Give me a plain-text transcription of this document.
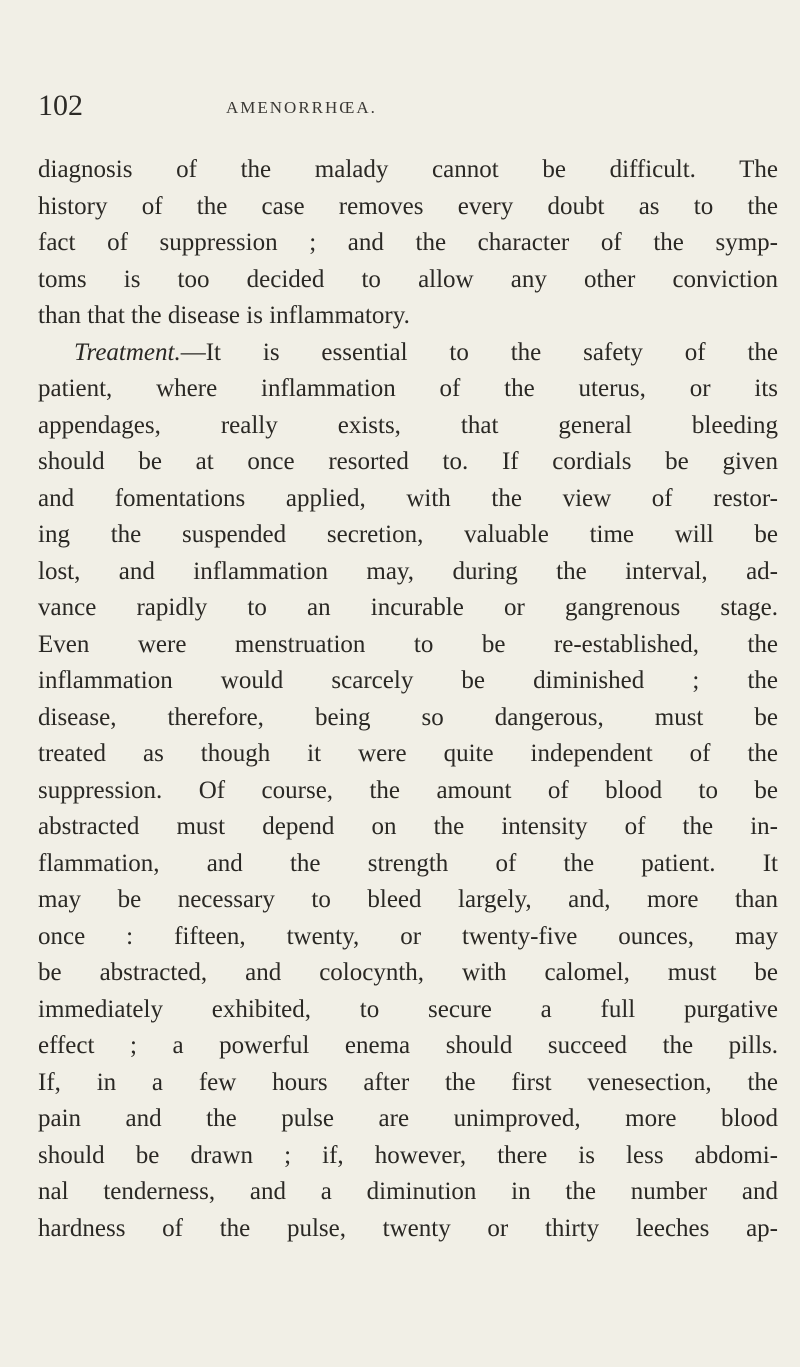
102	AMENORRHŒA.
diagnosis of the malady cannot be difficult. The
history of the case removes every doubt as to the
fact of suppression ; and the character of the symp-
toms is too decided to allow any other conviction
than that the disease is inflammatory.
Treatment.—It is essential to the safety of the
patient, where inflammation of the uterus, or its
appendages, really exists, that general bleeding
should be at once resorted to. If cordials be given
and fomentations applied, with the view of restor-
ing the suspended secretion, valuable time will be
lost, and inflammation may, during the interval, ad-
vance rapidly to an incurable or gangrenous stage.
Even were menstruation to be re-established, the
inflammation would scarcely be diminished ; the
disease, therefore, being so dangerous, must be
treated as though it were quite independent of the
suppression. Of course, the amount of blood to be
abstracted must depend on the intensity of the in-
flammation, and the strength of the patient. It
may be necessary to bleed largely, and, more than
once : fifteen, twenty, or twenty-five ounces, may
be abstracted, and colocynth, with calomel, must be
immediately exhibited, to secure a full purgative
effect ; a powerful enema should succeed the pills.
If, in a few hours after the first venesection, the
pain and the pulse are unimproved, more blood
should be drawn ; if, however, there is less abdomi-
nal tenderness, and a diminution in the number and
hardness of the pulse, twenty or thirty leeches ap-
